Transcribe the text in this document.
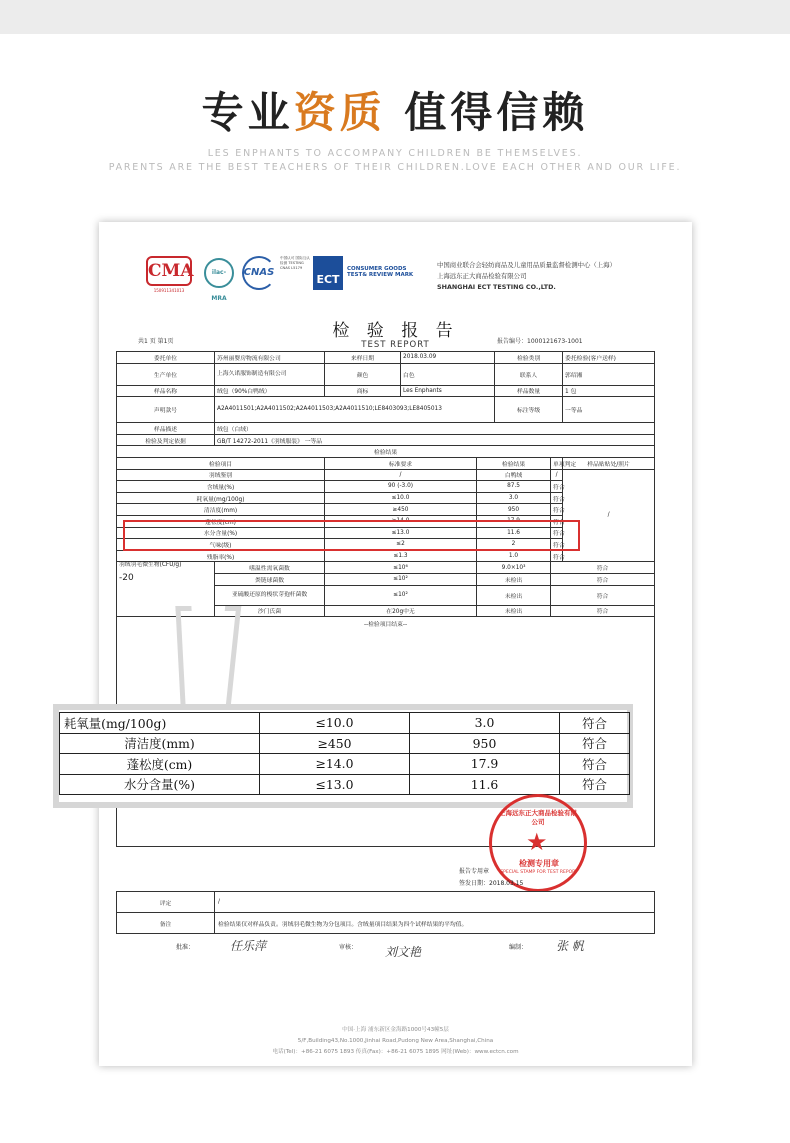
专业资质 值得信赖
LES ENPHANTS TO ACCOMPANY CHILDREN BE THEMSELVES.
PARENTS ARE THE BEST TEACHERS OF THEIR CHILDREN.LOVE EACH OTHER AND OUR LIFE.
CMA
150911341013
ilac-MRA
CNAS
中国认可 国际互认 检测 TESTING CNAS L5179
ECT
CONSUMER GOODS TEST& REVIEW MARK
中国商业联合会轻纺商品及儿童用品质量监督检测中心（上海）
上海远东正大商品检验有限公司
SHANGHAI ECT TESTING CO.,LTD.
检 验 报 告
TEST REPORT
共1 页 第1页	报告编号：1000121673-1001
委托单位	苏州丽婴房物流有限公司	来样日期	2018.03.09		检验类别		委托检验(客户送样)	
生产单位	上海久诺服饰制造有限公司	颜色	白色		联系人		郭绍湘	
样品名称	绒包（90%白鸭绒）	商标	Les Enphants		样品数量		1 包	
声明款号	A2A4011501;A2A4011502;A2A4011503;A2A4011510;LE8403093;LE8405013				标注等级		一等品	
样品描述	绒包（白绒）							
检验及判定依据	GB/T 14272-2011《羽绒服装》 一等品							
检验结果								
检验项目		标准要求		检验结果		单项判定	样品贴贴处/照片	
羽绒鉴别		/		白鸭绒		/	/	
含绒量(%)		90 (-3.0)		87.5		符合		
耗氧量(mg/100g)		≤10.0		3.0		符合		
清洁度(mm)		≥450		950		符合		
蓬松度(cm)		≥14.0		17.9		符合		
水分含量(%)		≤13.0		11.6		符合		
气味(级)		≤2		2		符合		
残脂率(%)		≤1.3		1.0		符合		

羽绒羽毛微生物(CFU/g)
-20	嗜温性需氧菌数	≤10⁶		9.0×10³		符合		
	粪链球菌数	≤10²		未检出		符合		
	亚硫酸还原的梭状芽孢杆菌数	≤10²		未检出		符合		
	沙门氏菌	在20g中无		未检出		符合		
--检验项目结束--								
耗氧量(mg/100g)	≤10.0	3.0	符合
清洁度(mm)	≥450	950	符合
蓬松度(cm)	≥14.0	17.9	符合
水分含量(%)	≤13.0	11.6	符合
上海远东正大商品检验有限公司
★
检测专用章
SPECIAL STAMP FOR TEST REPORT
报告专用章
签发日期：2018.03.15
评定	/
备注	检验结果仅对样品负责。羽绒羽毛微生物为分包项目。含绒量项目结果为四个试样结果的平均值。
批准：	任乐萍	审核： 刘文艳	编制： 张 帆
中国·上海 浦东新区金海路1000号43幢5层
5/F,Building43,No.1000,Jinhai Road,Pudong New Area,Shanghai,China
电话(Tel)：+86-21 6075 1893 传真(Fax)：+86-21 6075 1895 网址(Web)：www.ectcn.com
